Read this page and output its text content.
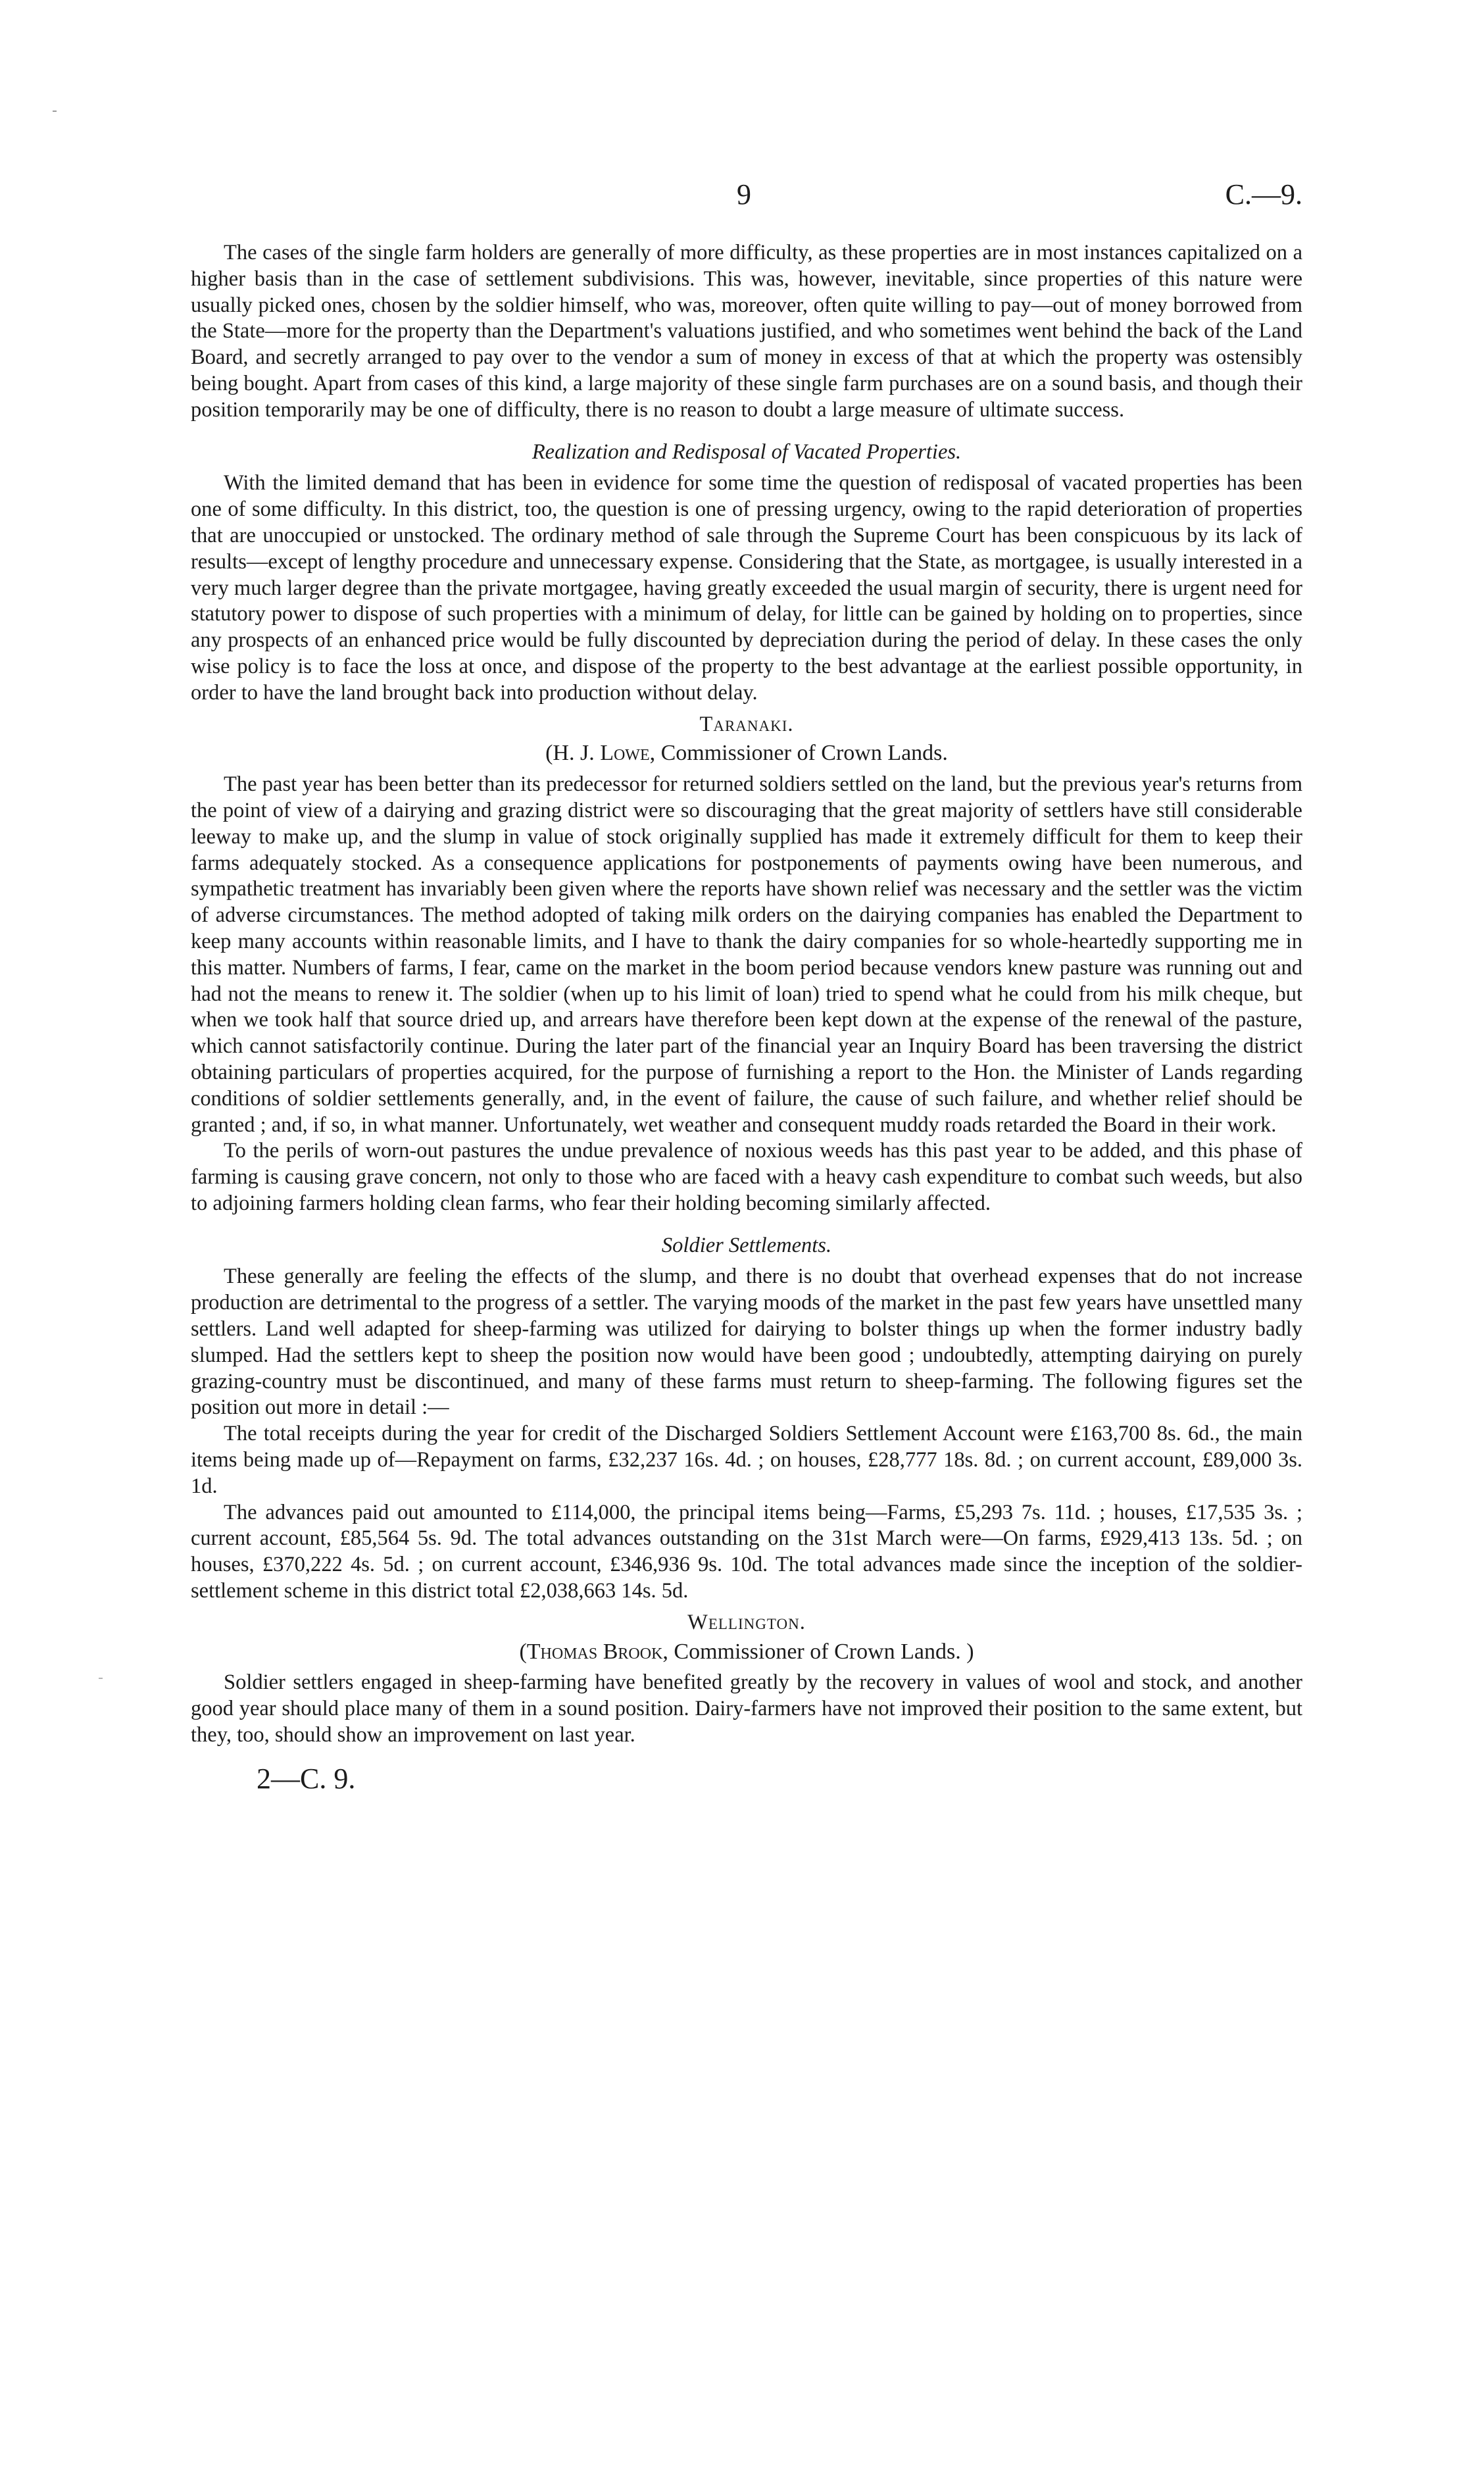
9	C.—9.

The cases of the single farm holders are generally of more difficulty, as these properties are in most instances capitalized on a higher basis than in the case of settlement subdivisions. This was, however, inevitable, since properties of this nature were usually picked ones, chosen by the soldier himself, who was, moreover, often quite willing to pay—out of money borrowed from the State—more for the property than the Department's valuations justified, and who sometimes went behind the back of the Land Board, and secretly arranged to pay over to the vendor a sum of money in excess of that at which the property was ostensibly being bought. Apart from cases of this kind, a large majority of these single farm purchases are on a sound basis, and though their position temporarily may be one of difficulty, there is no reason to doubt a large measure of ultimate success.

Realization and Redisposal of Vacated Properties.

With the limited demand that has been in evidence for some time the question of redisposal of vacated properties has been one of some difficulty. In this district, too, the question is one of pressing urgency, owing to the rapid deterioration of properties that are unoccupied or unstocked. The ordinary method of sale through the Supreme Court has been conspicuous by its lack of results—except of lengthy procedure and unnecessary expense. Considering that the State, as mortgagee, is usually interested in a very much larger degree than the private mortgagee, having greatly exceeded the usual margin of security, there is urgent need for statutory power to dispose of such properties with a minimum of delay, for little can be gained by holding on to properties, since any prospects of an enhanced price would be fully discounted by depreciation during the period of delay. In these cases the only wise policy is to face the loss at once, and dispose of the property to the best advantage at the earliest possible opportunity, in order to have the land brought back into production without delay.

Taranaki.
(H. J. Lowe, Commissioner of Crown Lands.

The past year has been better than its predecessor for returned soldiers settled on the land, but the previous year's returns from the point of view of a dairying and grazing district were so discouraging that the great majority of settlers have still considerable leeway to make up, and the slump in value of stock originally supplied has made it extremely difficult for them to keep their farms adequately stocked. As a consequence applications for postponements of payments owing have been numerous, and sympathetic treatment has invariably been given where the reports have shown relief was necessary and the settler was the victim of adverse circumstances. The method adopted of taking milk orders on the dairying companies has enabled the Department to keep many accounts within reasonable limits, and I have to thank the dairy companies for so whole-heartedly supporting me in this matter. Numbers of farms, I fear, came on the market in the boom period because vendors knew pasture was running out and had not the means to renew it. The soldier (when up to his limit of loan) tried to spend what he could from his milk cheque, but when we took half that source dried up, and arrears have therefore been kept down at the expense of the renewal of the pasture, which cannot satisfactorily continue. During the later part of the financial year an Inquiry Board has been traversing the district obtaining particulars of properties acquired, for the purpose of furnishing a report to the Hon. the Minister of Lands regarding conditions of soldier settlements generally, and, in the event of failure, the cause of such failure, and whether relief should be granted ; and, if so, in what manner. Unfortunately, wet weather and consequent muddy roads retarded the Board in their work.

To the perils of worn-out pastures the undue prevalence of noxious weeds has this past year to be added, and this phase of farming is causing grave concern, not only to those who are faced with a heavy cash expenditure to combat such weeds, but also to adjoining farmers holding clean farms, who fear their holding becoming similarly affected.

Soldier Settlements.

These generally are feeling the effects of the slump, and there is no doubt that overhead expenses that do not increase production are detrimental to the progress of a settler. The varying moods of the market in the past few years have unsettled many settlers. Land well adapted for sheep-farming was utilized for dairying to bolster things up when the former industry badly slumped. Had the settlers kept to sheep the position now would have been good ; undoubtedly, attempting dairying on purely grazing-country must be discontinued, and many of these farms must return to sheep-farming. The following figures set the position out more in detail :—

The total receipts during the year for credit of the Discharged Soldiers Settlement Account were £163,700 8s. 6d., the main items being made up of—Repayment on farms, £32,237 16s. 4d. ; on houses, £28,777 18s. 8d. ; on current account, £89,000 3s. 1d.

The advances paid out amounted to £114,000, the principal items being—Farms, £5,293 7s. 11d. ; houses, £17,535 3s. ; current account, £85,564 5s. 9d. The total advances outstanding on the 31st March were—On farms, £929,413 13s. 5d. ; on houses, £370,222 4s. 5d. ; on current account, £346,936 9s. 10d. The total advances made since the inception of the soldier-settlement scheme in this district total £2,038,663 14s. 5d.

Wellington.
(Thomas Brook, Commissioner of Crown Lands. )

Soldier settlers engaged in sheep-farming have benefited greatly by the recovery in values of wool and stock, and another good year should place many of them in a sound position. Dairy-farmers have not improved their position to the same extent, but they, too, should show an improvement on last year.

2—C. 9.
